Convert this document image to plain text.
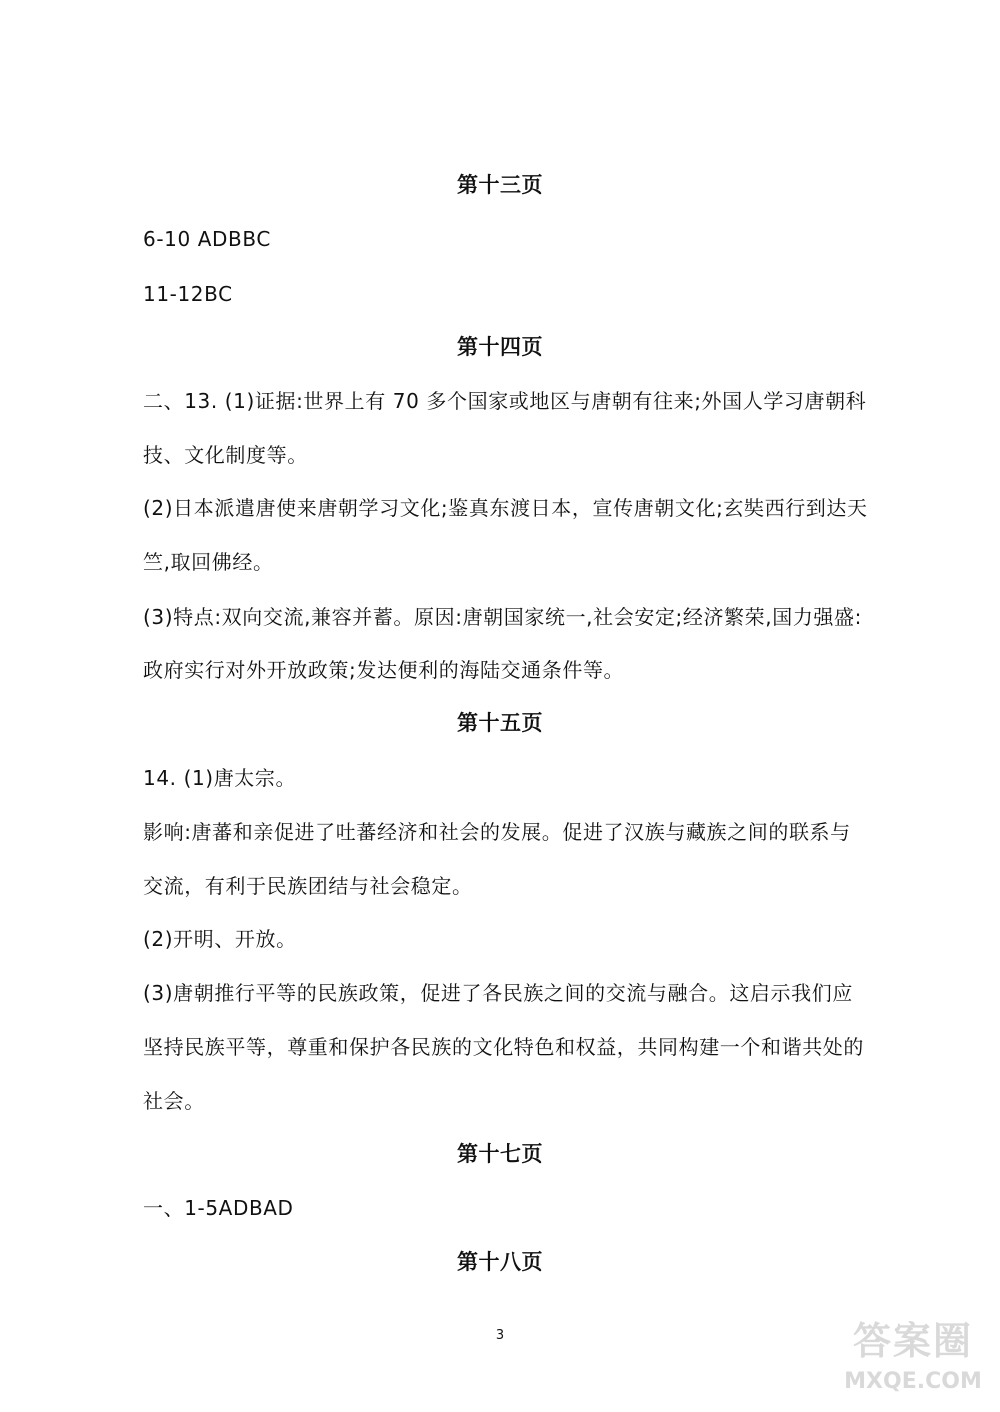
第十三页
6-10 ADBBC
11-12BC
第十四页
二、13. (1)证据:世界上有 70 多个国家或地区与唐朝有往来;外国人学习唐朝科
技、文化制度等。
(2)日本派遣唐使来唐朝学习文化;鉴真东渡日本，宣传唐朝文化;玄奘西行到达天
竺,取回佛经。
(3)特点:双向交流,兼容并蓄。原因:唐朝国家统一,社会安定;经济繁荣,国力强盛:
政府实行对外开放政策;发达便利的海陆交通条件等。
第十五页
14. (1)唐太宗。
影响:唐蕃和亲促进了吐蕃经济和社会的发展。促进了汉族与藏族之间的联系与
交流，有利于民族团结与社会稳定。
(2)开明、开放。
(3)唐朝推行平等的民族政策，促进了各民族之间的交流与融合。这启示我们应
坚持民族平等，尊重和保护各民族的文化特色和权益，共同构建一个和谐共处的
社会。
第十七页
一、1-5ADBAD
第十八页
3	答案圈
MXQE.COM
